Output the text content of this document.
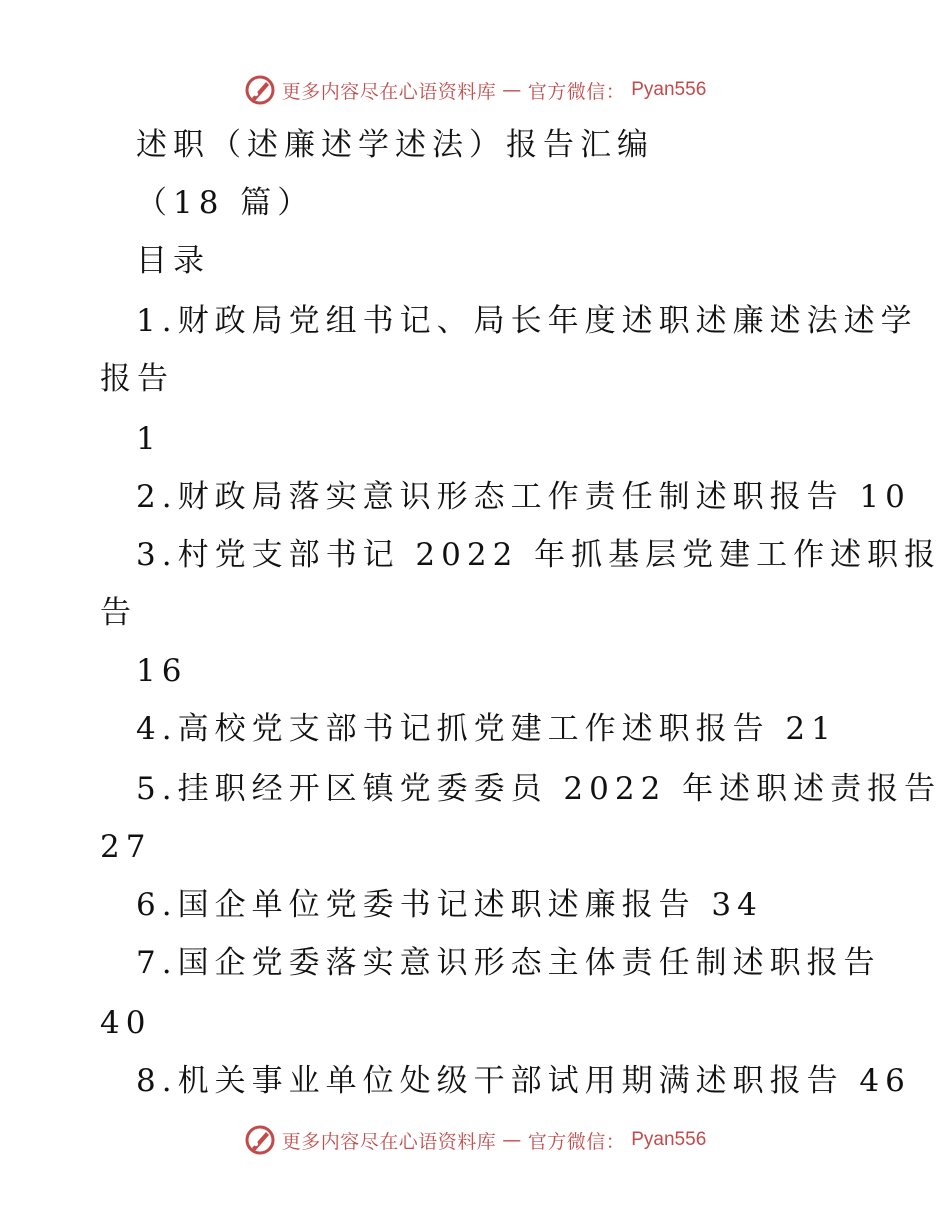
更多内容尽在心语资料库 — 官方微信： Pyan556
述职（述廉述学述法）报告汇编
（18 篇）
目录
1.财政局党组书记、局长年度述职述廉述法述学
报告
1
2.财政局落实意识形态工作责任制述职报告 10
3.村党支部书记 2022 年抓基层党建工作述职报
告
16
4.高校党支部书记抓党建工作述职报告 21
5.挂职经开区镇党委委员 2022 年述职述责报告
27
6.国企单位党委书记述职述廉报告 34
7.国企党委落实意识形态主体责任制述职报告
40
8.机关事业单位处级干部试用期满述职报告 46
更多内容尽在心语资料库 — 官方微信： Pyan556
